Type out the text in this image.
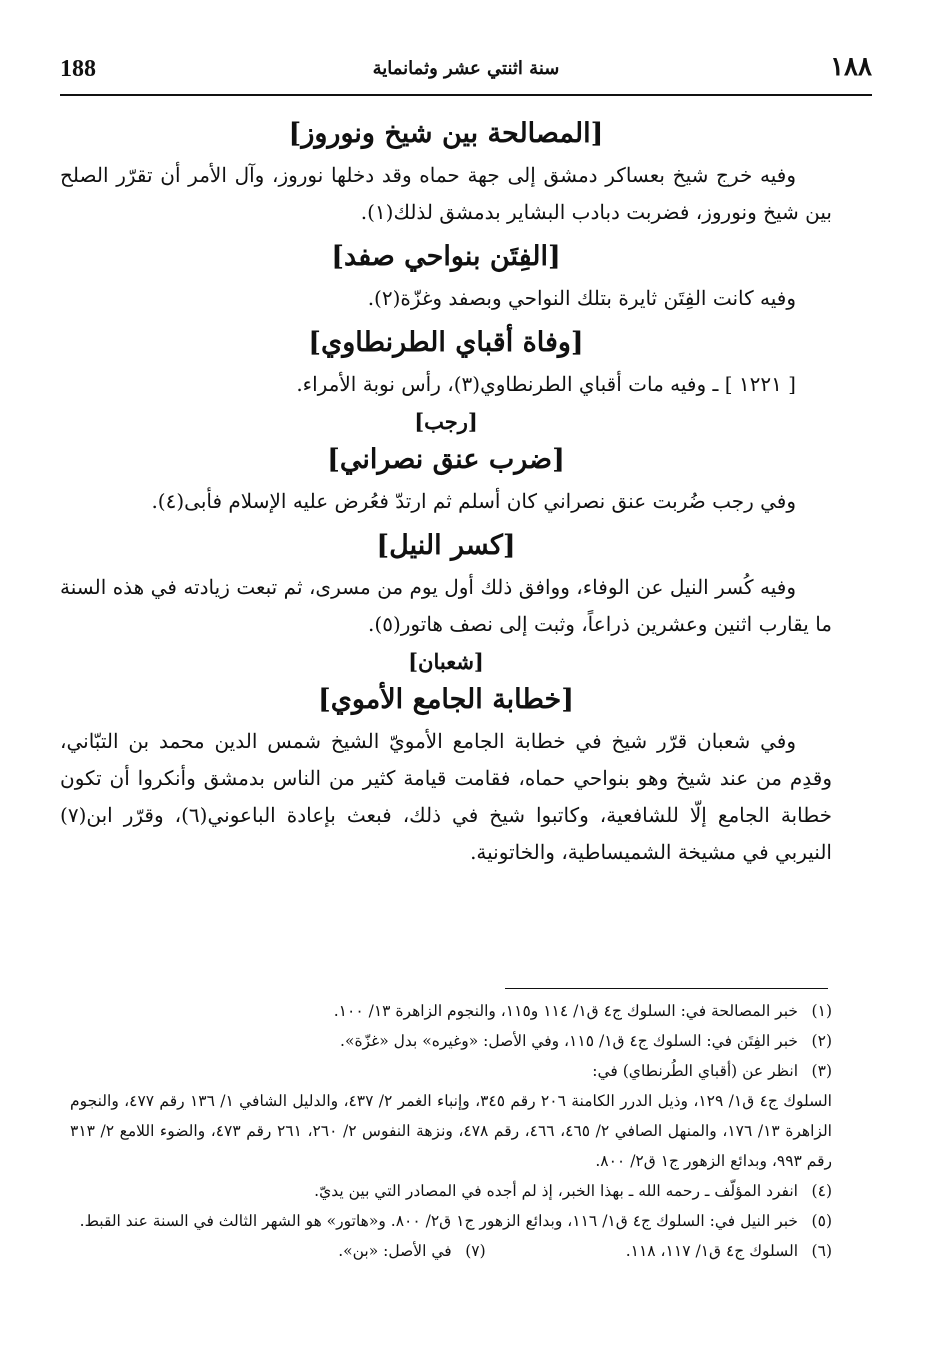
188	سنة اثنتي عشر وثمانماية	١٨٨
[المصالحة بين شيخ ونوروز]

وفيه خرج شيخ بعساكر دمشق إلى جهة حماه وقد دخلها نوروز، وآل الأمر أن تقرّر الصلح بين شيخ ونوروز، فضربت دبادب البشاير بدمشق لذلك(١).

[الفِتَن بنواحي صفد]

وفيه كانت الفِتَن ثايرة بتلك النواحي وبصفد وغزّة(٢).

[وفاة أقباي الطرنطاوي]

[ ١٢٢١ ] ـ وفيه مات أقباي الطرنطاوي(٣)، رأس نوبة الأمراء.

[رجب]
[ضرب عنق نصراني]

وفي رجب ضُربت عنق نصراني كان أسلم ثم ارتدّ فعُرض عليه الإسلام فأبى(٤).

[كسر النيل]

وفيه كُسر النيل عن الوفاء، ووافق ذلك أول يوم من مسرى، ثم تبعت زيادته في هذه السنة ما يقارب اثنين وعشرين ذراعاً، وثبت إلى نصف هاتور(٥).

[شعبان]
[خطابة الجامع الأموي]

وفي شعبان قرّر شيخ في خطابة الجامع الأمويّ الشيخ شمس الدين محمد بن التبّاني، وقدِم من عند شيخ وهو بنواحي حماه، فقامت قيامة كثير من الناس بدمشق وأنكروا أن تكون خطابة الجامع إلّا للشافعية، وكاتبوا شيخ في ذلك، فبعث بإعادة الباعوني(٦)، وقرّر ابن(٧) النيربي في مشيخة الشميساطية، والخاتونية.

(١)
خبر المصالحة في: السلوك ج٤ ق١/ ١١٤ و١١٥، والنجوم الزاهرة ١٣/ ١٠٠.
(٢)
خبر الفِتَن في: السلوك ج٤ ق١/ ١١٥، وفي الأصل: «وغيره» بدل «غزّة».
(٣)
انظر عن (أقباي الطُرنطاي) في:
السلوك ج٤ ق١/ ١٢٩، وذيل الدرر الكامنة ٢٠٦ رقم ٣٤٥، وإنباء الغمر ٢/ ٤٣٧، والدليل الشافي ١/ ١٣٦ رقم ٤٧٧، والنجوم الزاهرة ١٣/ ١٧٦، والمنهل الصافي ٢/ ٤٦٥، ٤٦٦، رقم ٤٧٨، ونزهة النفوس ٢/ ٢٦٠، ٢٦١ رقم ٤٧٣، والضوء اللامع ٢/ ٣١٣ رقم ٩٩٣، وبدائع الزهور ج١ ق٢/ ٨٠٠.
(٤)
انفرد المؤلّف ـ رحمه الله ـ بهذا الخبر، إذ لم أجده في المصادر التي بين يديّ.
(٥)
خبر النيل في: السلوك ج٤ ق١/ ١١٦، وبدائع الزهور ج١ ق٢/ ٨٠٠. و«هاتور» هو الشهر الثالث في السنة عند القبط.
(٦)
السلوك ج٤ ق١/ ١١٧، ١١٨.
(٧)
في الأصل: «بن».
